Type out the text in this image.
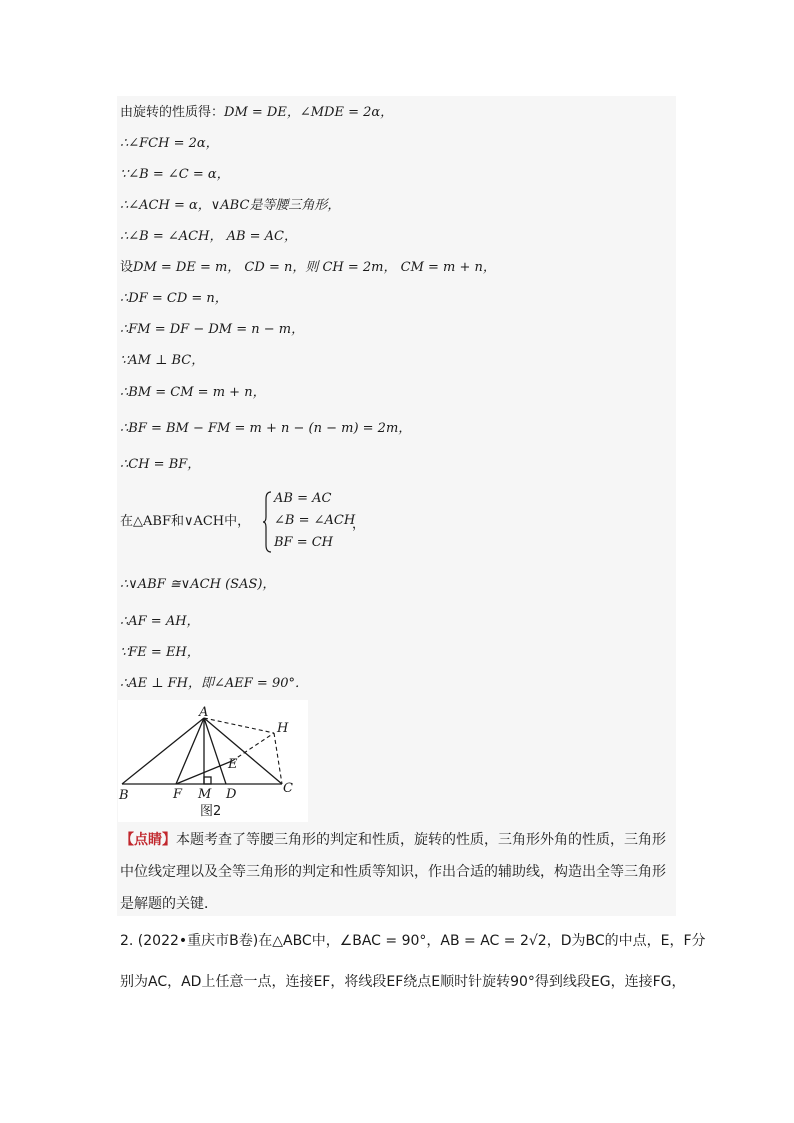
由旋转的性质得：DM = DE，∠MDE = 2α，
∴∠FCH = 2α，
∵∠B = ∠C = α，
∴∠ACH = α，∨ABC是等腰三角形，
∴∠B = ∠ACH， AB = AC，
设DM = DE = m， CD = n，则 CH = 2m， CM = m + n，
∴DF = CD = n，
∴FM = DF − DM = n − m，
∵AM ⊥ BC，
∴BM = CM = m + n，
∴BF = BM − FM = m + n − (n − m) = 2m，
∴CH = BF，
在△ABF和∨ACH中，
AB = AC
∠B = ∠ACH
BF = CH
，
∴∨ABF ≅∨ACH (SAS)，
∴AF = AH，
∵FE = EH，
∴AE ⊥ FH，即∠AEF = 90°．
A
H
E
B	F M D	C
图2
【点睛】本题考查了等腰三角形的判定和性质，旋转的性质，三角形外角的性质，三角形中位线定理以及全等三角形的判定和性质等知识，作出合适的辅助线，构造出全等三角形是解题的关键．
2. (2022•重庆市B卷)在△ABC中，∠BAC = 90°，AB = AC = 2√2，D为BC的中点，E，F分
别为AC，AD上任意一点，连接EF，将线段EF绕点E顺时针旋转90°得到线段EG，连接FG，
